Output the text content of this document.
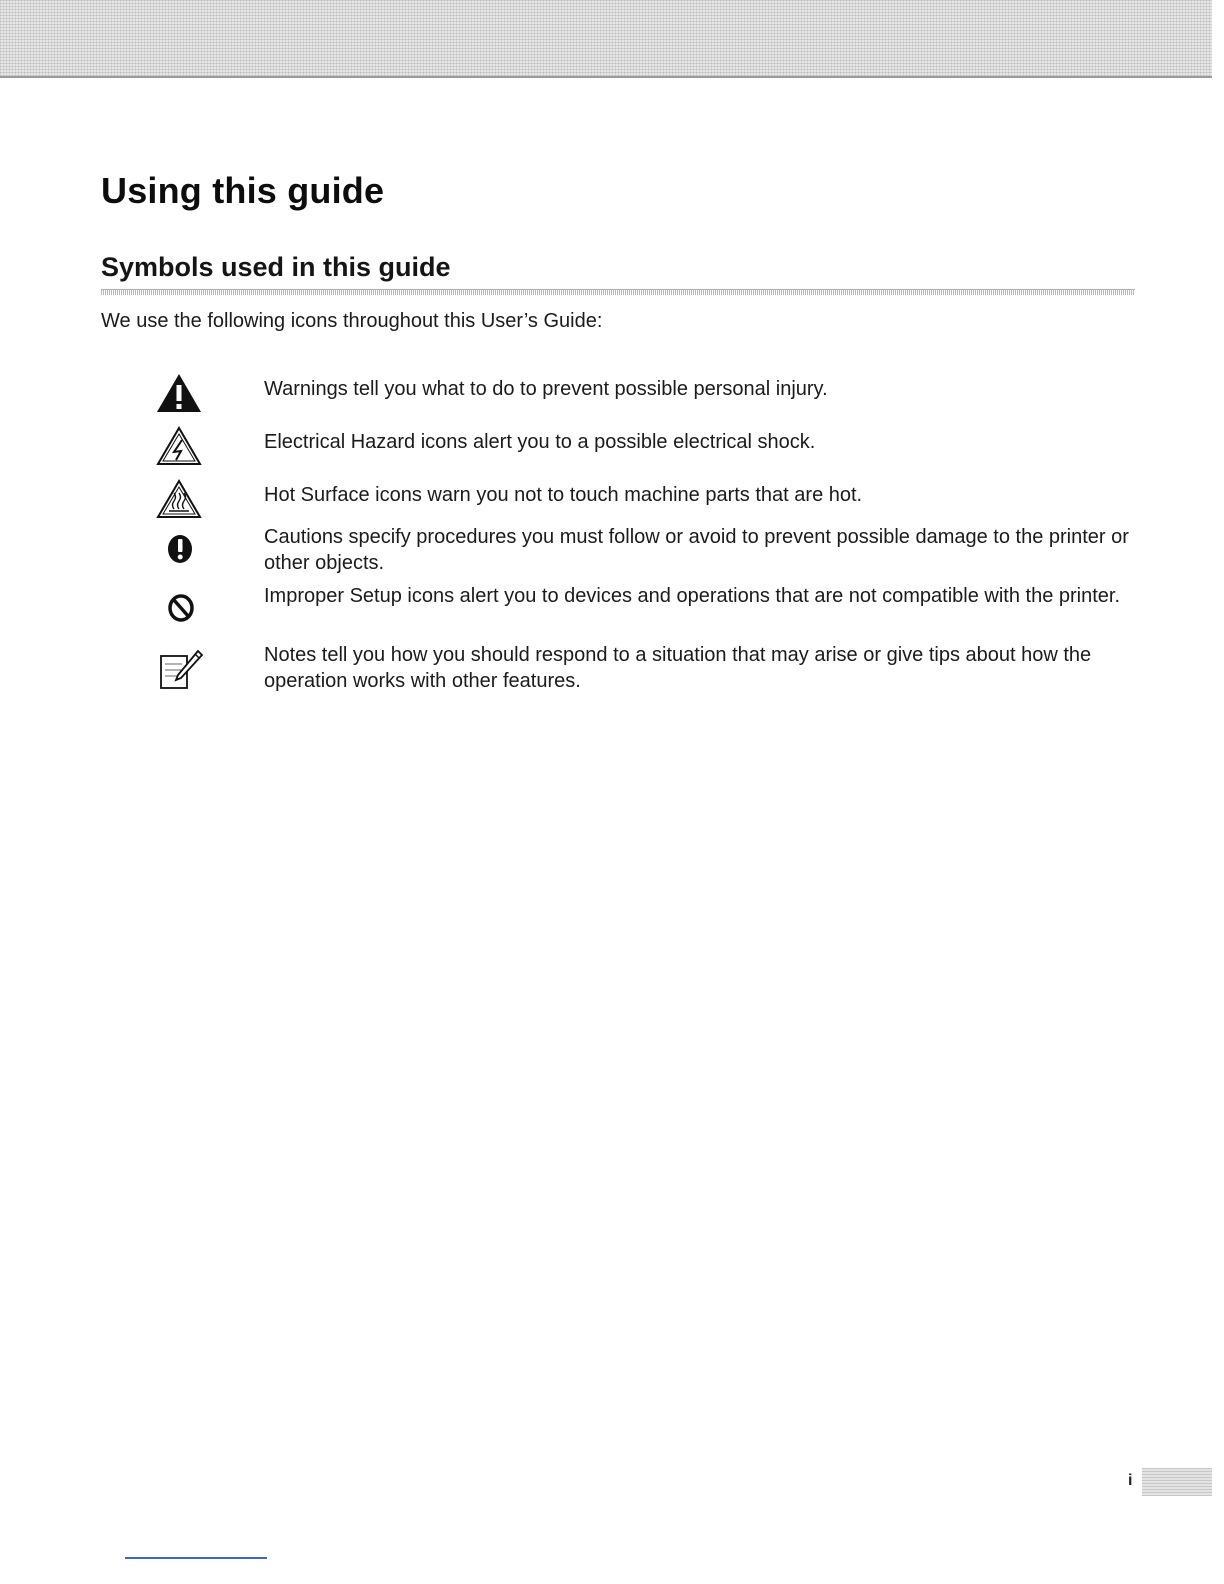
Using this guide
Symbols used in this guide

We use the following icons throughout this User’s Guide:

Warnings tell you what to do to prevent possible personal injury.

Electrical Hazard icons alert you to a possible electrical shock.

Hot Surface icons warn you not to touch machine parts that are hot.

Cautions specify procedures you must follow or avoid to prevent possible damage to the printer or other objects.

Improper Setup icons alert you to devices and operations that are not compatible with the printer.

Notes tell you how you should respond to a situation that may arise or give tips about how the operation works with other features.

i
